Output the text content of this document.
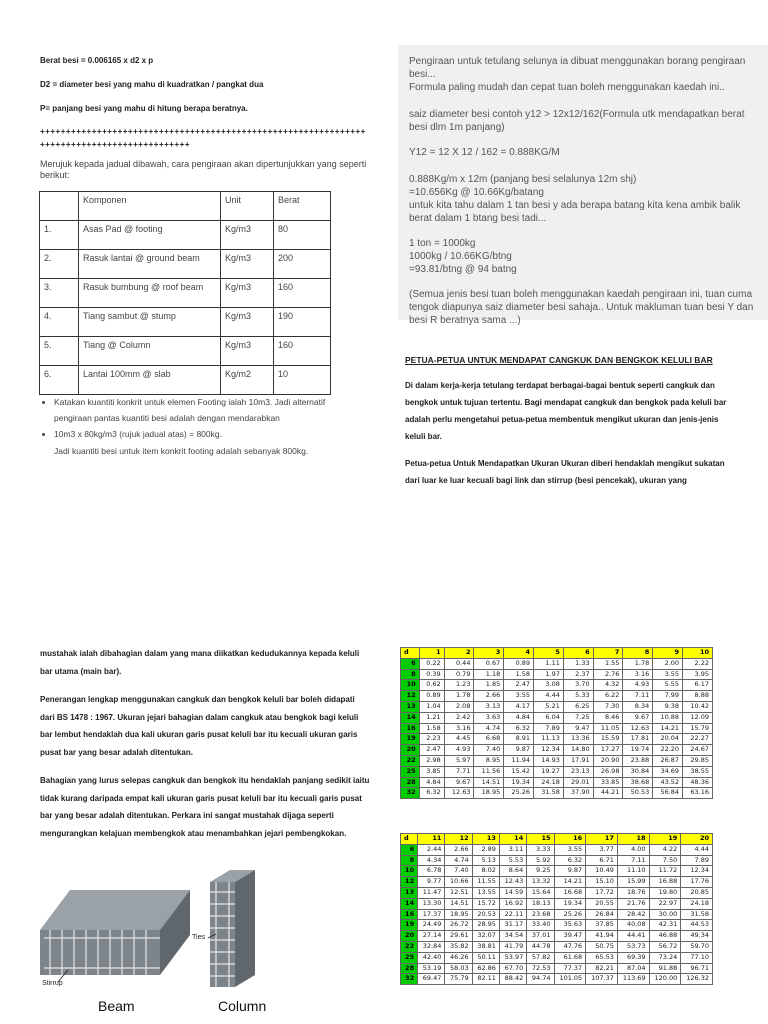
Berat besi = 0.006165 x d2 x p

D2 = diameter besi yang mahu di kuadratkan / pangkat dua

P= panjang besi yang mahu di hitung berapa beratnya.

++++++++++++++++++++++++++++++++++++++++++++++++++++++++++++++++++++++++++++++++++++++++++++

Merujuk kepada jadual dibawah, cara pengiraan akan dipertunjukkan yang seperti berikut:

	Komponen	Unit	Berat
1.	Asas Pad @ footing	Kg/m3	80
2.	Rasuk lantai @ ground beam	Kg/m3	200
3.	Rasuk bumbung @ roof beam	Kg/m3	160
4.	Tiang sambut @ stump	Kg/m3	190
5.	Tiang @ Column	Kg/m3	160
6.	Lantai 100mm @ slab	Kg/m2	10
• Katakan kuantiti konkrit untuk elemen Footing ialah 10m3. Jadi alternatif pengiraan pantas kuantiti besi adalah dengan mendarabkan
• 10m3 x 80kg/m3 (rujuk jadual atas) = 800kg.
Jadi kuantiti besi untuk item konkrit footing adalah sebanyak 800kg.

Pengiraan untuk tetulang selunya ia dibuat menggunakan borang pengiraan besi...

Formula paling mudah dan cepat tuan boleh menggunakan kaedah ini..

saiz diameter besi contoh y12 > 12x12/162(Formula utk mendapatkan berat besi dlm 1m panjang)

Y12 = 12 X 12 / 162 = 0.888KG/M

0.888Kg/m x 12m (panjang besi selalunya 12m shj)

=10.656Kg @ 10.66Kg/batang

untuk kita tahu dalam 1 tan besi y ada berapa batang kita kena ambik balik berat dalam 1 btang besi tadi...

1 ton = 1000kg

1000kg / 10.66KG/btng

=93.81/btng @ 94 batng

(Semua jenis besi tuan boleh menggunakan kaedah pengiraan ini, tuan cuma tengok diapunya saiz diameter besi sahaja.. Untuk makluman tuan besi Y dan besi R beratnya sama ...)

PETUA-PETUA UNTUK MENDAPAT CANGKUK DAN BENGKOK KELULI BAR

Di dalam kerja-kerja tetulang terdapat berbagai-bagai bentuk seperti cangkuk dan bengkok untuk tujuan tertentu. Bagi mendapat cangkuk dan bengkok pada keluli bar adalah perlu mengetahui petua-petua membentuk mengikut ukuran dan jenis-jenis keluli bar.

Petua-petua Untuk Mendapatkan Ukuran Ukuran diberi hendaklah mengikut sukatan dari luar ke luar kecuali bagi link dan stirrup (besi pencekak), ukuran yang

mustahak ialah dibahagian dalam yang mana diikatkan kedudukannya kepada keluli bar utama (main bar).

Penerangan lengkap menggunakan cangkuk dan bengkok keluli bar boleh didapati dari BS 1478 : 1967. Ukuran jejari bahagian dalam cangkuk atau bengkok bagi keluli bar lembut hendaklah dua kali ukuran garis pusat keluli bar itu kecuali ukuran garis pusat bar yang besar adalah ditentukan.

Bahagian yang lurus selepas cangkuk dan bengkok itu hendaklah panjang sedikit iaitu tidak kurang daripada empat kali ukuran garis pusat keluli bar itu kecuali garis pusat bar yang besar adalah ditentukan. Perkara ini sangat mustahak dijaga seperti mengurangkan kelajuan membengkok atau menambahkan jejari pembengkokan.

Ties
Stirrup
Beam	Column
d	1	2	3	4	5	6	7	8	9	10
6	0.22	0.44	0.67	0.89	1.11	1.33	1.55	1.78	2.00	2.22
8	0.39	0.79	1.18	1.58	1.97	2.37	2.76	3.16	3.55	3.95
10	0.62	1.23	1.85	2.47	3.08	3.70	4.32	4.93	5.55	6.17
12	0.89	1.78	2.66	3.55	4.44	5.33	6.22	7.11	7.99	8.88
13	1.04	2.08	3.13	4.17	5.21	6.25	7.30	8.34	9.38	10.42
14	1.21	2.42	3.63	4.84	6.04	7.25	8.46	9.67	10.88	12.09
16	1.58	3.16	4.74	6.32	7.89	9.47	11.05	12.63	14.21	15.79
19	2.23	4.45	6.68	8.91	11.13	13.36	15.59	17.81	20.04	22.27
20	2.47	4.93	7.40	9.87	12.34	14.80	17.27	19.74	22.20	24.67
22	2.98	5.97	8.95	11.94	14.93	17.91	20.90	23.88	26.87	29.85
25	3.85	7.71	11.56	15.42	19.27	23.13	26.98	30.84	34.69	38.55
28	4.84	9.67	14.51	19.34	24.18	29.01	33.85	38.68	43.52	48.36
32	6.32	12.63	18.95	25.26	31.58	37.90	44.21	50.53	56.84	63.16
d	11	12	13	14	15	16	17	18	19	20
6	2.44	2.66	2.89	3.11	3.33	3.55	3.77	4.00	4.22	4.44
8	4.34	4.74	5.13	5.53	5.92	6.32	6.71	7.11	7.50	7.89
10	6.78	7.40	8.02	8.64	9.25	9.87	10.49	11.10	11.72	12.34
12	9.77	10.66	11.55	12.43	13.32	14.21	15.10	15.99	16.88	17.76
13	11.47	12.51	13.55	14.59	15.64	16.68	17.72	18.76	19.80	20.85
14	13.30	14.51	15.72	16.92	18.13	19.34	20.55	21.76	22.97	24.18
16	17.37	18.95	20.53	22.11	23.68	25.26	26.84	28.42	30.00	31.58
19	24.49	26.72	28.95	31.17	33.40	35.63	37.85	40.08	42.31	44.53
20	27.14	29.61	32.07	34.54	37.01	39.47	41.94	44.41	46.88	49.34
22	32.84	35.82	38.81	41.79	44.78	47.76	50.75	53.73	56.72	59.70
25	42.40	46.26	50.11	53.97	57.82	61.68	65.53	69.39	73.24	77.10
28	53.19	58.03	62.86	67.70	72.53	77.37	82.21	87.04	91.88	96.71
32	69.47	75.79	82.11	88.42	94.74	101.05	107.37	113.69	120.00	126.32
